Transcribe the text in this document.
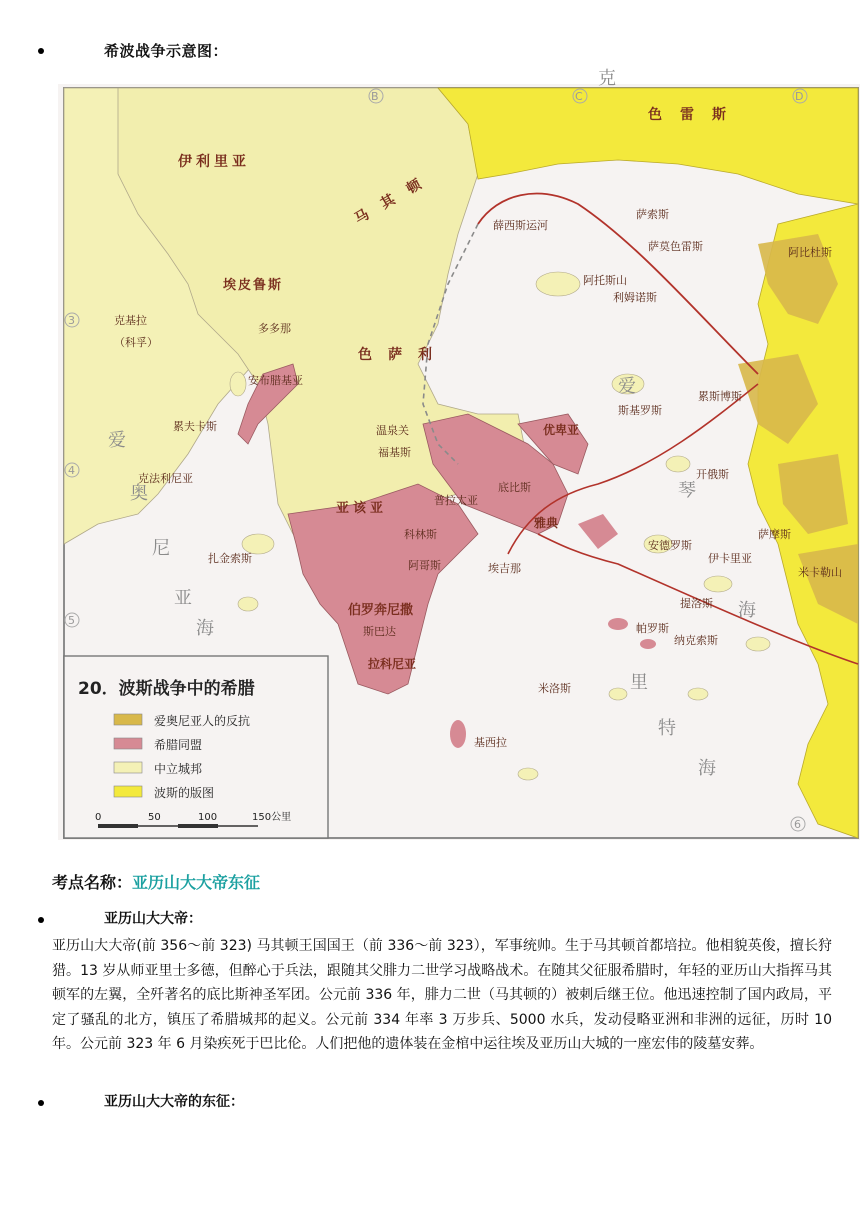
希波战争示意图：
B	C	D
3
4
5
6
伊利里亚
马其顿
色雷斯
埃皮鲁斯
色萨利
亚该亚
伯罗奔尼撒
斯巴达
拉科尼亚
优卑亚
萨索斯
萨莫色雷斯
利姆诺斯
阿托斯山
薛西斯运河
斯基罗斯
克基拉
（科孚）
多多那
安布腊基亚
累夫卡斯
克法利尼亚
扎金索斯
温泉关
福基斯
底比斯
普拉太亚
雅典
科林斯
阿哥斯	埃吉那
安德罗斯
伊卡里亚
提洛斯
帕罗斯
纳克索斯
米洛斯
基西拉
累斯博斯
开俄斯
萨摩斯
米卡勒山
阿比杜斯
爱
琴
海
爱
奥
尼
亚
海
克
里
特
海
20．波斯战争中的希腊
爱奥尼亚人的反抗
希腊同盟
中立城邦
波斯的版图
0	50	100	150公里
考点名称：亚历山大大帝东征
亚历山大大帝：
亚历山大大帝(前 356～前 323) 马其顿王国国王（前 336～前 323），军事统帅。生于马其顿首都培拉。他相貌英俊，擅长狩猎。13 岁从师亚里士多德，但醉心于兵法，跟随其父腓力二世学习战略战术。在随其父征服希腊时，年轻的亚历山大指挥马其顿军的左翼，全歼著名的底比斯神圣军团。公元前 336 年，腓力二世（马其顿的）被刺后继王位。他迅速控制了国内政局，平定了骚乱的北方，镇压了希腊城邦的起义。公元前 334 年率 3 万步兵、5000 水兵，发动侵略亚洲和非洲的远征，历时 10 年。公元前 323 年 6 月染疾死于巴比伦。人们把他的遗体装在金棺中运往埃及亚历山大城的一座宏伟的陵墓安葬。
亚历山大大帝的东征：
